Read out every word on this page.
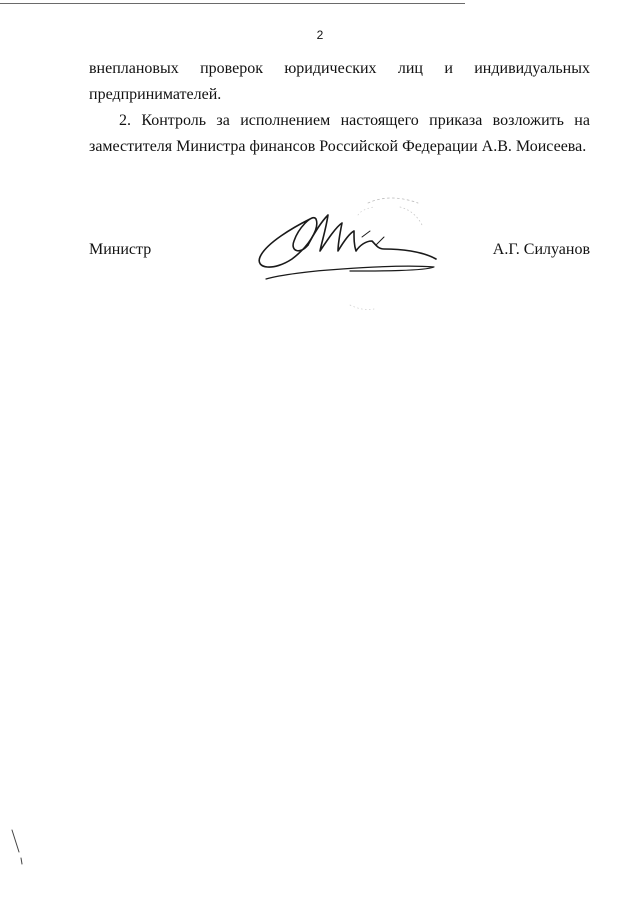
2
внеплановых проверок юридических лиц и индивидуальных
предпринимателей.
2. Контроль за исполнением настоящего приказа возложить на
заместителя Министра финансов Российской Федерации А.В. Моисеева.
Министр	А.Г. Силуанов
